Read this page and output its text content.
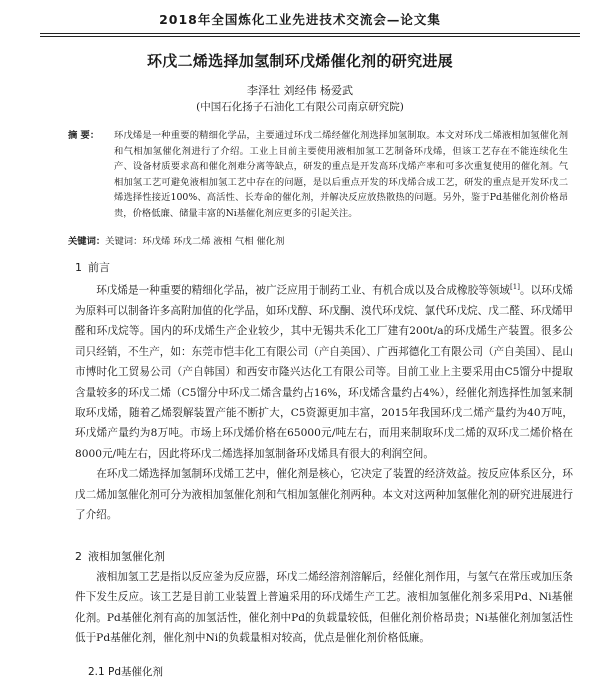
2018年全国炼化工业先进技术交流会—论文集
环戊二烯选择加氢制环戊烯催化剂的研究进展
李泽壮 刘经伟 杨爱武
(中国石化扬子石油化工有限公司南京研究院)
摘 要：	环戊烯是一种重要的精细化学品，主要通过环戊二烯经催化剂选择加氢制取。本文对环戊二烯液相加氢催化剂和气相加氢催化剂进行了介绍。工业上目前主要使用液相加氢工艺制备环戊烯，但该工艺存在不能连续化生产、设备材质要求高和催化剂难分离等缺点，研发的重点是开发高环戊烯产率和可多次重复使用的催化剂。气相加氢工艺可避免液相加氢工艺中存在的问题，是以后重点开发的环戊烯合成工艺，研发的重点是开发环戊二烯选择性接近100%、高活性、长寿命的催化剂，并解决反应放热散热的问题。另外，鉴于Pd基催化剂价格昂贵，价格低廉、储量丰富的Ni基催化剂应更多的引起关注。
关键词：关键词：环戊烯 环戊二烯 液相 气相 催化剂
1 前言

环戊烯是一种重要的精细化学品，被广泛应用于制药工业、有机合成以及合成橡胶等领域[1]。以环戊烯为原料可以制备许多高附加值的化学品，如环戊醇、环戊酮、溴代环戊烷、氯代环戊烷、戊二醛、环戊烯甲醛和环戊烷等。国内的环戊烯生产企业较少，其中无锡共禾化工厂建有200t/a的环戊烯生产装置。很多公司只经销，不生产，如：东莞市恺丰化工有限公司（产自美国）、广西邦德化工有限公司（产自美国）、昆山市博时化工贸易公司（产自韩国）和西安市隆兴达化工有限公司等。目前工业上主要采用由C5馏分中提取含量较多的环戊二烯（C5馏分中环戊二烯含量约占16%，环戊烯含量约占4%），经催化剂选择性加氢来制取环戊烯，随着乙烯裂解装置产能不断扩大，C5资源更加丰富，2015年我国环戊二烯产量约为40万吨，环戊烯产量约为8万吨。市场上环戊烯价格在65000元/吨左右，而用来制取环戊二烯的双环戊二烯价格在8000元/吨左右，因此将环戊二烯选择加氢制备环戊烯具有很大的利润空间。

在环戊二烯选择加氢制环戊烯工艺中，催化剂是核心，它决定了装置的经济效益。按反应体系区分，环戊二烯加氢催化剂可分为液相加氢催化剂和气相加氢催化剂两种。本文对这两种加氢催化剂的研究进展进行了介绍。

2 液相加氢催化剂

液相加氢工艺是指以反应釜为反应器，环戊二烯经溶剂溶解后，经催化剂作用，与氢气在常压或加压条件下发生反应。该工艺是目前工业装置上普遍采用的环戊烯生产工艺。液相加氢催化剂多采用Pd、Ni基催化剂。Pd基催化剂有高的加氢活性，催化剂中Pd的负载量较低，但催化剂价格昂贵；Ni基催化剂加氢活性低于Pd基催化剂，催化剂中Ni的负载量相对较高，优点是催化剂价格低廉。

2.1 Pd基催化剂
